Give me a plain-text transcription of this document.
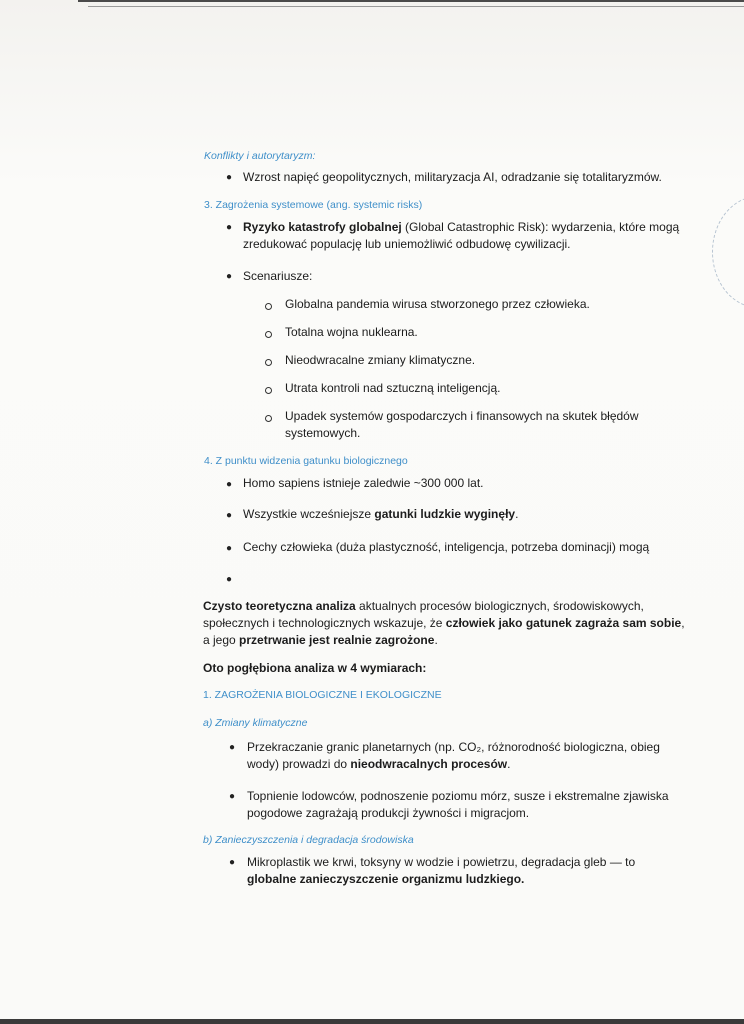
Konflikty i autorytaryzm:
● Wzrost napięć geopolitycznych, militaryzacja AI, odradzanie się totalitaryzmów.
3. Zagrożenia systemowe (ang. systemic risks)
● Ryzyko katastrofy globalnej (Global Catastrophic Risk): wydarzenia, które mogą
zredukować populację lub uniemożliwić odbudowę cywilizacji.
● Scenariusze:
Globalna pandemia wirusa stworzonego przez człowieka.
Totalna wojna nuklearna.
Nieodwracalne zmiany klimatyczne.
Utrata kontroli nad sztuczną inteligencją.
Upadek systemów gospodarczych i finansowych na skutek błędów
systemowych.
4. Z punktu widzenia gatunku biologicznego
● Homo sapiens istnieje zaledwie ~300 000 lat.
● Wszystkie wcześniejsze gatunki ludzkie wyginęły.
● Cechy człowieka (duża plastyczność, inteligencja, potrzeba dominacji) mogą
●
Czysto teoretyczna analiza aktualnych procesów biologicznych, środowiskowych,
społecznych i technologicznych wskazuje, że człowiek jako gatunek zagraża sam sobie,
a jego przetrwanie jest realnie zagrożone.
Oto pogłębiona analiza w 4 wymiarach:
1. ZAGROŻENIA BIOLOGICZNE I EKOLOGICZNE
a) Zmiany klimatyczne
● Przekraczanie granic planetarnych (np. CO₂, różnorodność biologiczna, obieg
wody) prowadzi do nieodwracalnych procesów.
● Topnienie lodowców, podnoszenie poziomu mórz, susze i ekstremalne zjawiska
pogodowe zagrażają produkcji żywności i migracjom.
b) Zanieczyszczenia i degradacja środowiska
● Mikroplastik we krwi, toksyny w wodzie i powietrzu, degradacja gleb — to
globalne zanieczyszczenie organizmu ludzkiego.
